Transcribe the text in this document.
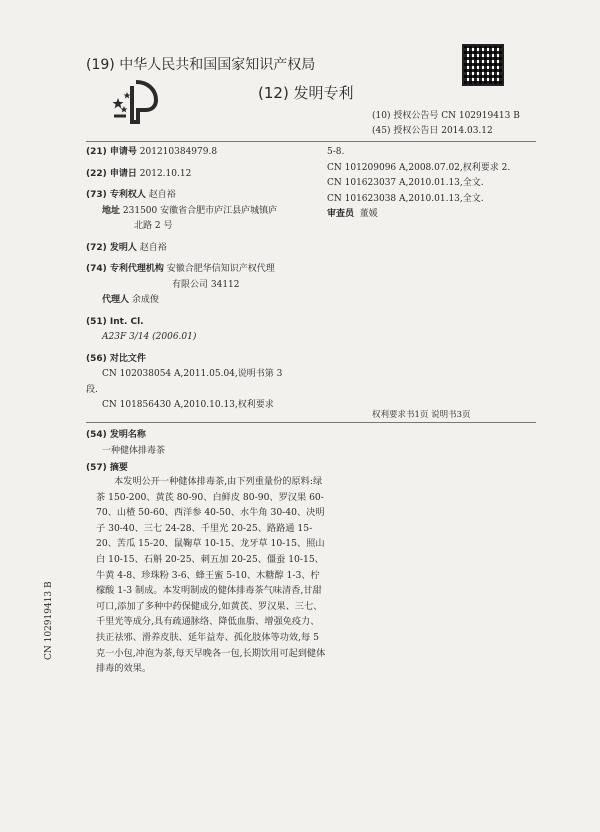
(19) 中华人民共和国国家知识产权局
(12) 发明专利
(10) 授权公告号 CN 102919413 B
(45) 授权公告日 2014.03.12
(21) 申请号 201210384979.8
(22) 申请日 2012.10.12
(73) 专利权人 赵自裕
地址 231500 安徽省合肥市庐江县庐城镇庐
北路 2 号
(72) 发明人 赵自裕
(74) 专利代理机构 安徽合肥华信知识产权代理
有限公司 34112
代理人 余成俊
(51) Int. Cl.
A23F 3/14 (2006.01)
(56) 对比文件
CN 102038054 A,2011.05.04,说明书第 3
段.
CN 101856430 A,2010.10.13,权利要求
5-8.
CN 101209096 A,2008.07.02,权利要求 2.
CN 101623037 A,2010.01.13,全文.
CN 101623038 A,2010.01.13,全文.
审查员 董媛
权利要求书1页 说明书3页
(54) 发明名称
一种健体排毒茶
(57) 摘要
本发明公开一种健体排毒茶,由下列重量份的原料:绿茶 150-200、黄芪 80-90、白鲜皮 80-90、罗汉果 60-70、山楂 50-60、西洋参 40-50、水牛角 30-40、决明子 30-40、三七 24-28、千里光 20-25、路路通 15-20、苦瓜 15-20、鼠鞠草 10-15、龙牙草 10-15、照山白 10-15、石斛 20-25、刺五加 20-25、僵蚕 10-15、牛黄 4-8、珍珠粉 3-6、蜂王蜜 5-10、木糖醇 1-3、柠檬酸 1-3 制成。本发明制成的健体排毒茶气味清香,甘甜可口,添加了多种中药保健成分,如黄芪、罗汉果、三七、千里光等成分,具有疏通脉络、降低血脂、增强免疫力、扶正祛邪、滑养皮肤、延年益寿、孤化肢体等功效,每 5 克一小包,冲泡为茶,每天早晚各一包,长期饮用可起到健体排毒的效果。
CN 102919413 B
